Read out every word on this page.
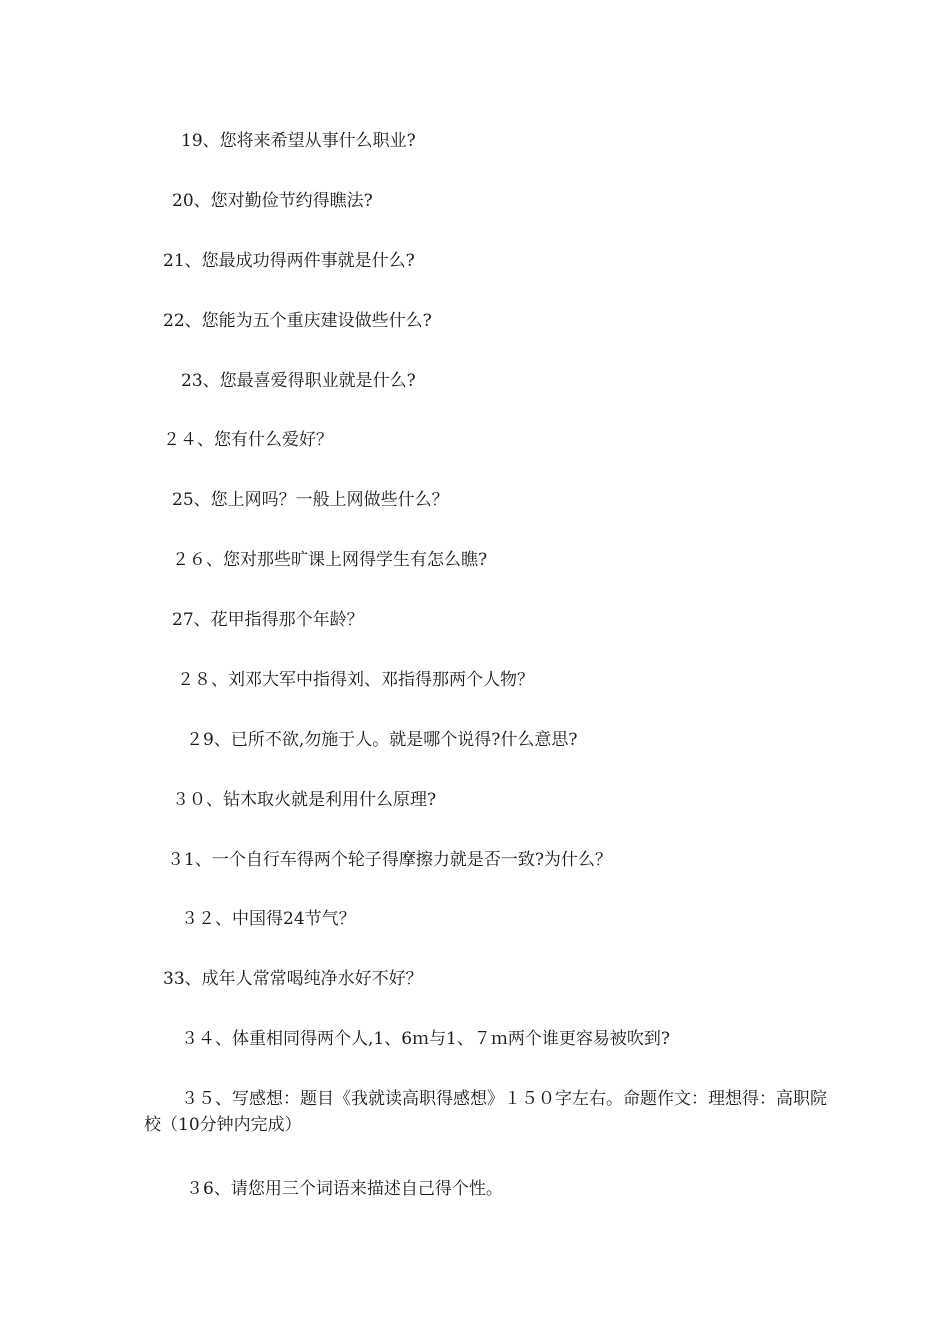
19、您将来希望从事什么职业?

20、您对勤俭节约得瞧法?

21、您最成功得两件事就是什么?

22、您能为五个重庆建设做些什么?

23、您最喜爱得职业就是什么?

２４、您有什么爱好？

25、您上网吗？一般上网做些什么？

２６、您对那些旷课上网得学生有怎么瞧?

27、花甲指得那个年龄？

２８、刘邓大军中指得刘、邓指得那两个人物？

２9、已所不欲,勿施于人。就是哪个说得?什么意思?

３０、钻木取火就是利用什么原理?

３1、一个自行车得两个轮子得摩擦力就是否一致?为什么？

３２、中国得24节气？

33、成年人常常喝纯净水好不好？

３４、体重相同得两个人,1、6ｍ与1、７ｍ两个谁更容易被吹到?

３５、写感想：题目《我就读高职得感想》１５０字左右。命题作文：理想得：高职院校（10分钟内完成）

３6、请您用三个词语来描述自己得个性。
